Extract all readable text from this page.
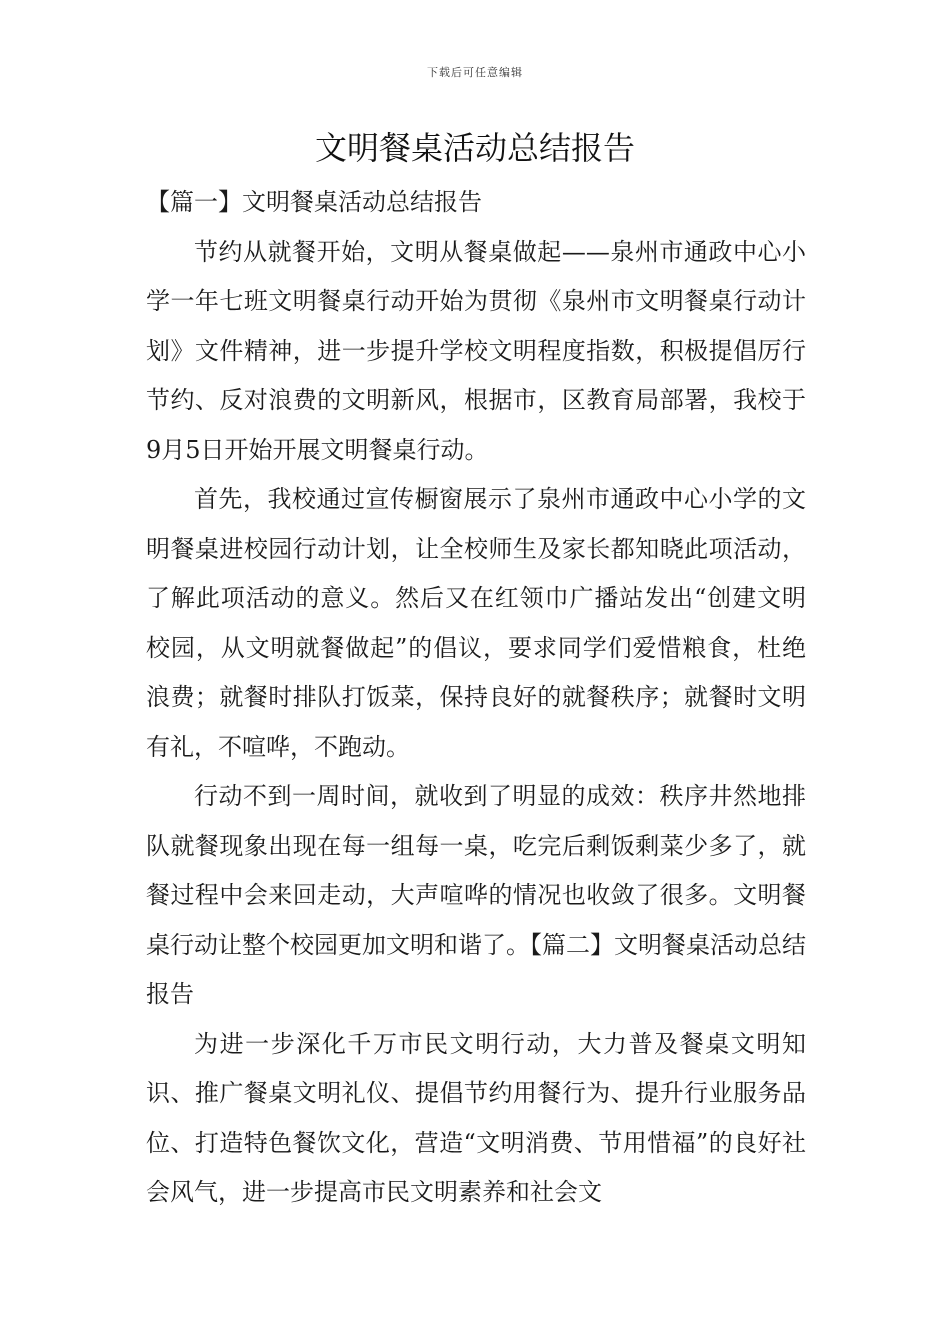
下载后可任意编辑
文明餐桌活动总结报告

【篇一】文明餐桌活动总结报告

节约从就餐开始，文明从餐桌做起——泉州市通政中心小学一年七班文明餐桌行动开始为贯彻《泉州市文明餐桌行动计划》文件精神，进一步提升学校文明程度指数，积极提倡厉行节约、反对浪费的文明新风，根据市，区教育局部署，我校于9月5日开始开展文明餐桌行动。

首先，我校通过宣传橱窗展示了泉州市通政中心小学的文明餐桌进校园行动计划，让全校师生及家长都知晓此项活动，了解此项活动的意义。然后又在红领巾广播站发出“创建文明校园，从文明就餐做起”的倡议，要求同学们爱惜粮食，杜绝浪费；就餐时排队打饭菜，保持良好的就餐秩序；就餐时文明有礼，不喧哗，不跑动。

行动不到一周时间，就收到了明显的成效：秩序井然地排队就餐现象出现在每一组每一桌，吃完后剩饭剩菜少多了，就餐过程中会来回走动，大声喧哗的情况也收敛了很多。文明餐桌行动让整个校园更加文明和谐了。【篇二】文明餐桌活动总结报告

为进一步深化千万市民文明行动，大力普及餐桌文明知识、推广餐桌文明礼仪、提倡节约用餐行为、提升行业服务品位、打造特色餐饮文化，营造“文明消费、节用惜福”的良好社会风气，进一步提高市民文明素养和社会文
